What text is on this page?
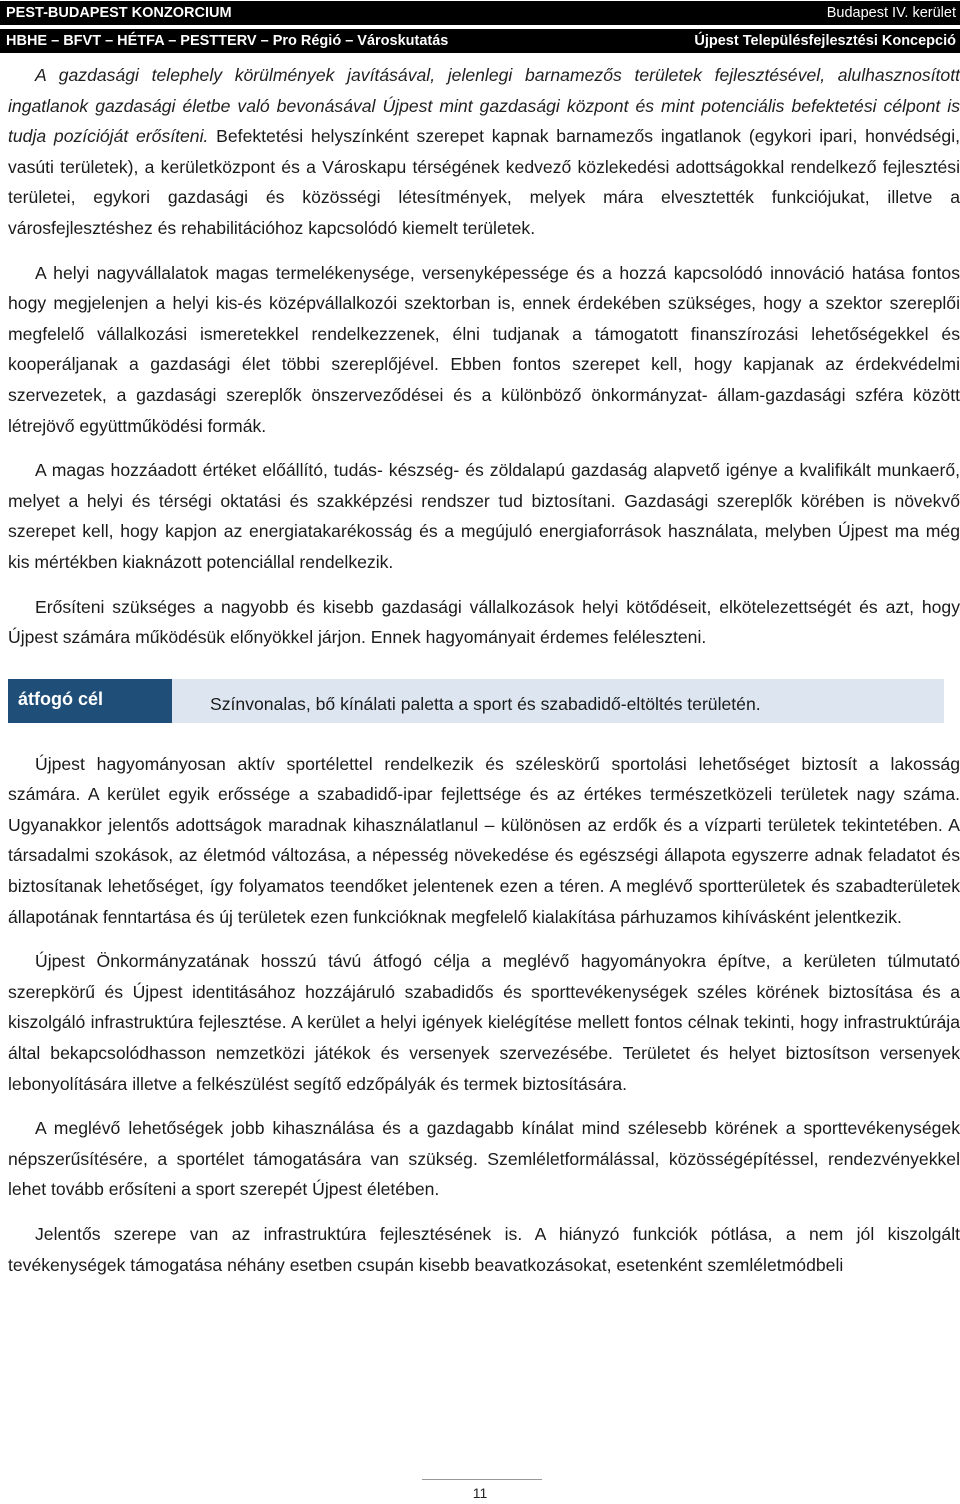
PEST-BUDAPEST KONZORCIUM	Budapest IV. kerület
HBHE – BFVT – HÉTFA – PESTTERV – Pro Régió – Városkutatás	Újpest Településfejlesztési Koncepció

A gazdasági telephely körülmények javításával, jelenlegi barnamezős területek fejlesztésével, alulhasznosított ingatlanok gazdasági életbe való bevonásával Újpest mint gazdasági központ és mint potenciális befektetési célpont is tudja pozícióját erősíteni. Befektetési helyszínként szerepet kapnak barnamezős ingatlanok (egykori ipari, honvédségi, vasúti területek), a kerületközpont és a Városkapu térségének kedvező közlekedési adottságokkal rendelkező fejlesztési területei, egykori gazdasági és közösségi létesítmények, melyek mára elvesztették funkciójukat, illetve a városfejlesztéshez és rehabilitációhoz kapcsolódó kiemelt területek.

A helyi nagyvállalatok magas termelékenysége, versenyképessége és a hozzá kapcsolódó innováció hatása fontos hogy megjelenjen a helyi kis-és középvállalkozói szektorban is, ennek érdekében szükséges, hogy a szektor szereplői megfelelő vállalkozási ismeretekkel rendelkezzenek, élni tudjanak a támogatott finanszírozási lehetőségekkel és kooperáljanak a gazdasági élet többi szereplőjével. Ebben fontos szerepet kell, hogy kapjanak az érdekvédelmi szervezetek, a gazdasági szereplők önszerveződései és a különböző önkormányzat- állam-gazdasági szféra között létrejövő együttműködési formák.

A magas hozzáadott értéket előállító, tudás- készség- és zöldalapú gazdaság alapvető igénye a kvalifikált munkaerő, melyet a helyi és térségi oktatási és szakképzési rendszer tud biztosítani. Gazdasági szereplők körében is növekvő szerepet kell, hogy kapjon az energiatakarékosság és a megújuló energiaforrások használata, melyben Újpest ma még kis mértékben kiaknázott potenciállal rendelkezik.

Erősíteni szükséges a nagyobb és kisebb gazdasági vállalkozások helyi kötődéseit, elkötelezettségét és azt, hogy Újpest számára működésük előnyökkel járjon. Ennek hagyományait érdemes feléleszteni.

átfogó cél	Színvonalas, bő kínálati paletta a sport és szabadidő-eltöltés területén.

Újpest hagyományosan aktív sportélettel rendelkezik és széleskörű sportolási lehetőséget biztosít a lakosság számára. A kerület egyik erőssége a szabadidő-ipar fejlettsége és az értékes természetközeli területek nagy száma. Ugyanakkor jelentős adottságok maradnak kihasználatlanul – különösen az erdők és a vízparti területek tekintetében. A társadalmi szokások, az életmód változása, a népesség növekedése és egészségi állapota egyszerre adnak feladatot és biztosítanak lehetőséget, így folyamatos teendőket jelentenek ezen a téren. A meglévő sportterületek és szabadterületek állapotának fenntartása és új területek ezen funkcióknak megfelelő kialakítása párhuzamos kihívásként jelentkezik.

Újpest Önkormányzatának hosszú távú átfogó célja a meglévő hagyományokra építve, a kerületen túlmutató szerepkörű és Újpest identitásához hozzájáruló szabadidős és sporttevékenységek széles körének biztosítása és a kiszolgáló infrastruktúra fejlesztése. A kerület a helyi igények kielégítése mellett fontos célnak tekinti, hogy infrastruktúrája által bekapcsolódhasson nemzetközi játékok és versenyek szervezésébe. Területet és helyet biztosítson versenyek lebonyolítására illetve a felkészülést segítő edzőpályák és termek biztosítására.

A meglévő lehetőségek jobb kihasználása és a gazdagabb kínálat mind szélesebb körének a sporttevékenységek népszerűsítésére, a sportélet támogatására van szükség. Szemléletformálással, közösségépítéssel, rendezvényekkel lehet tovább erősíteni a sport szerepét Újpest életében.

Jelentős szerepe van az infrastruktúra fejlesztésének is. A hiányzó funkciók pótlása, a nem jól kiszolgált tevékenységek támogatása néhány esetben csupán kisebb beavatkozásokat, esetenként szemléletmódbeli

11
